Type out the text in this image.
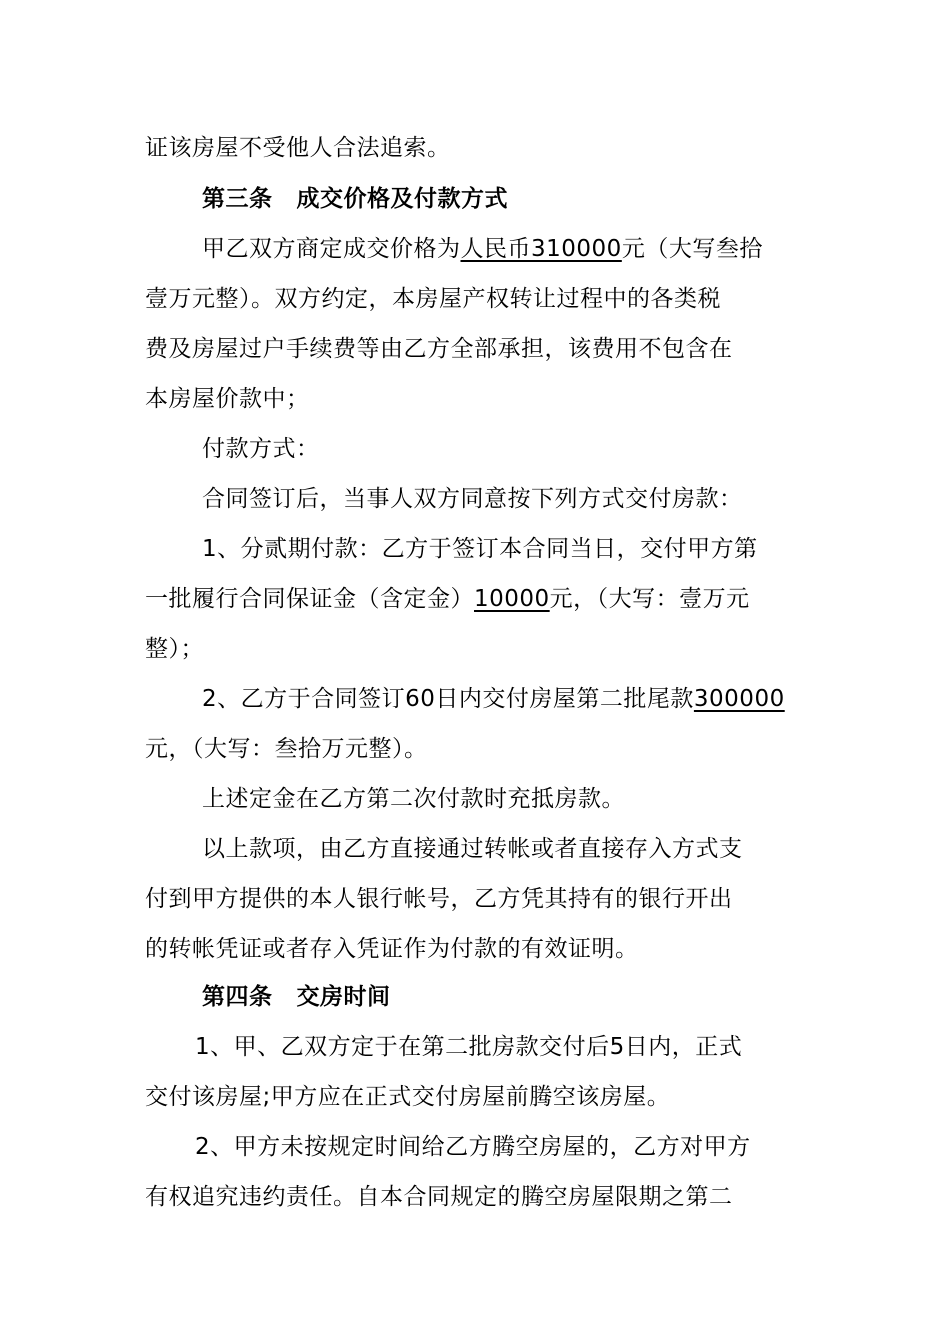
证该房屋不受他人合法追索。
第三条 成交价格及付款方式
甲乙双方商定成交价格为人民币310000元（大写叁拾
壹万元整）。双方约定，本房屋产权转让过程中的各类税
费及房屋过户手续费等由乙方全部承担，该费用不包含在
本房屋价款中；
付款方式：
合同签订后，当事人双方同意按下列方式交付房款：
1、分贰期付款：乙方于签订本合同当日，交付甲方第
一批履行合同保证金（含定金）10000元，（大写：壹万元
整）；
2、乙方于合同签订60日内交付房屋第二批尾款300000
元，（大写：叁拾万元整）。
上述定金在乙方第二次付款时充抵房款。
以上款项，由乙方直接通过转帐或者直接存入方式支
付到甲方提供的本人银行帐号，乙方凭其持有的银行开出
的转帐凭证或者存入凭证作为付款的有效证明。
第四条 交房时间
1、甲、乙双方定于在第二批房款交付后5日内，正式
交付该房屋;甲方应在正式交付房屋前腾空该房屋。
2、甲方未按规定时间给乙方腾空房屋的，乙方对甲方
有权追究违约责任。自本合同规定的腾空房屋限期之第二
